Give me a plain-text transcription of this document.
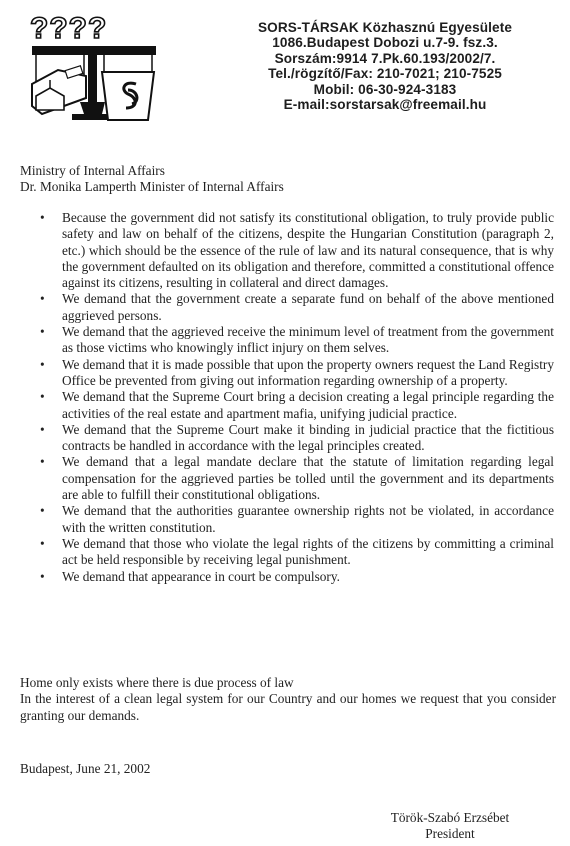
????	SORS-TÁRSAK Közhasznú Egyesülete
1086.Budapest Dobozi u.7-9. fsz.3.
Sorszám:9914 7.Pk.60.193/2002/7.
Tel./rögzítő/Fax: 210-7021; 210-7525
Mobil: 06-30-924-3183
E-mail:sorstarsak@freemail.hu
Ministry of Internal Affairs
Dr. Monika Lamperth Minister of Internal Affairs
• Because the government did not satisfy its constitutional obligation, to truly provide public safety and law on behalf of the citizens, despite the Hungarian Constitution (paragraph 2, etc.) which should be the essence of the rule of law and its natural consequence, that is why the government defaulted on its obligation and therefore, committed a constitutional offence against its citizens, resulting in collateral and direct damages.
• We demand that the government create a separate fund on behalf of the above mentioned aggrieved persons.
• We demand that the aggrieved receive the minimum level of treatment from the government as those victims who knowingly inflict injury on them selves.
• We demand that it is made possible that upon the property owners request the Land Registry Office be prevented from giving out information regarding ownership of a property.
• We demand that the Supreme Court bring a decision creating a legal principle regarding the activities of the real estate and apartment mafia, unifying judicial practice.
• We demand that the Supreme Court make it binding in judicial practice that the fictitious contracts be handled in accordance with the legal principles created.
• We demand that a legal mandate declare that the statute of limitation regarding legal compensation for the aggrieved parties be tolled until the government and its departments are able to fulfill their constitutional obligations.
• We demand that the authorities guarantee ownership rights not be violated, in accordance with the written constitution.
• We demand that those who violate the legal rights of the citizens by committing a criminal act be held responsible by receiving legal punishment.
• We demand that appearance in court be compulsory.
Home only exists where there is due process of law
In the interest of a clean legal system for our Country and our homes we request that you consider granting our demands.
Budapest, June 21, 2002
Török-Szabó Erzsébet
President
